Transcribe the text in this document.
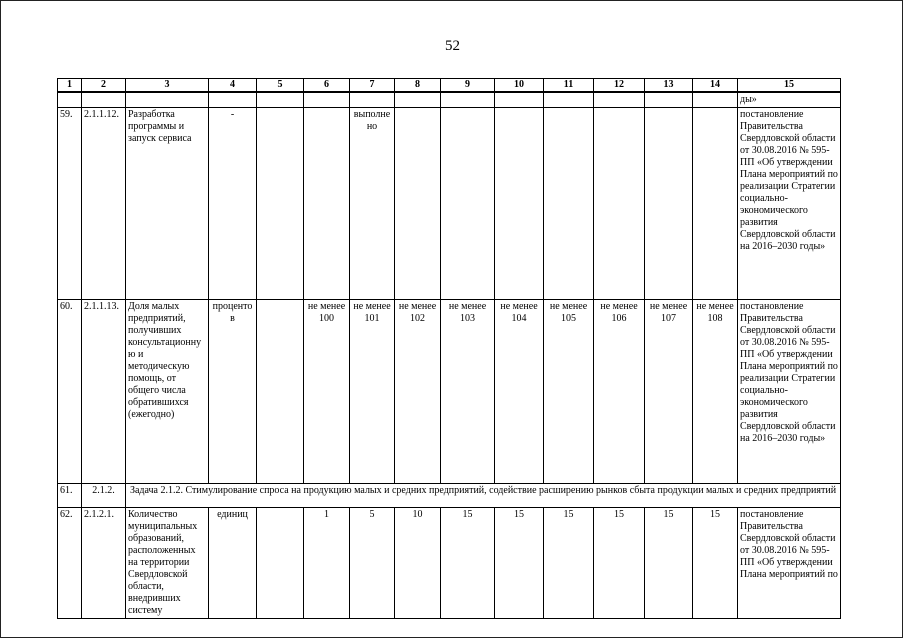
52
1	2	3	4	5	6	7	8	9	10	11	12	13	14	15
														ды»
59.	2.1.1.12.	Разработка программы и запуск сервиса	-			выполнено								постановление Правительства Свердловской области от 30.08.2016 № 595-ПП «Об утверждении Плана мероприятий по реализации Стратегии социально-экономического развития Свердловской области на 2016–2030 годы»
60.	2.1.1.13.	Доля малых предприятий, получивших консультационную и методическую помощь, от общего числа обратившихся (ежегодно)	процентов		не менее 100	не менее 101	не менее 102	не менее 103	не менее 104	не менее 105	не менее 106	не менее 107	не менее 108	постановление Правительства Свердловской области от 30.08.2016 № 595-ПП «Об утверждении Плана мероприятий по реализации Стратегии социально-экономического развития Свердловской области на 2016–2030 годы»
61.	2.1.2.	Задача 2.1.2. Стимулирование спроса на продукцию малых и средних предприятий, содействие расширению рынков сбыта продукции малых и средних предприятий												
62.	2.1.2.1.	Количество муниципальных образований, расположенных на территории Свердловской области, внедривших систему	единиц		1	5	10	15	15	15	15	15	15	постановление Правительства Свердловской области от 30.08.2016 № 595-ПП «Об утверждении Плана мероприятий по
